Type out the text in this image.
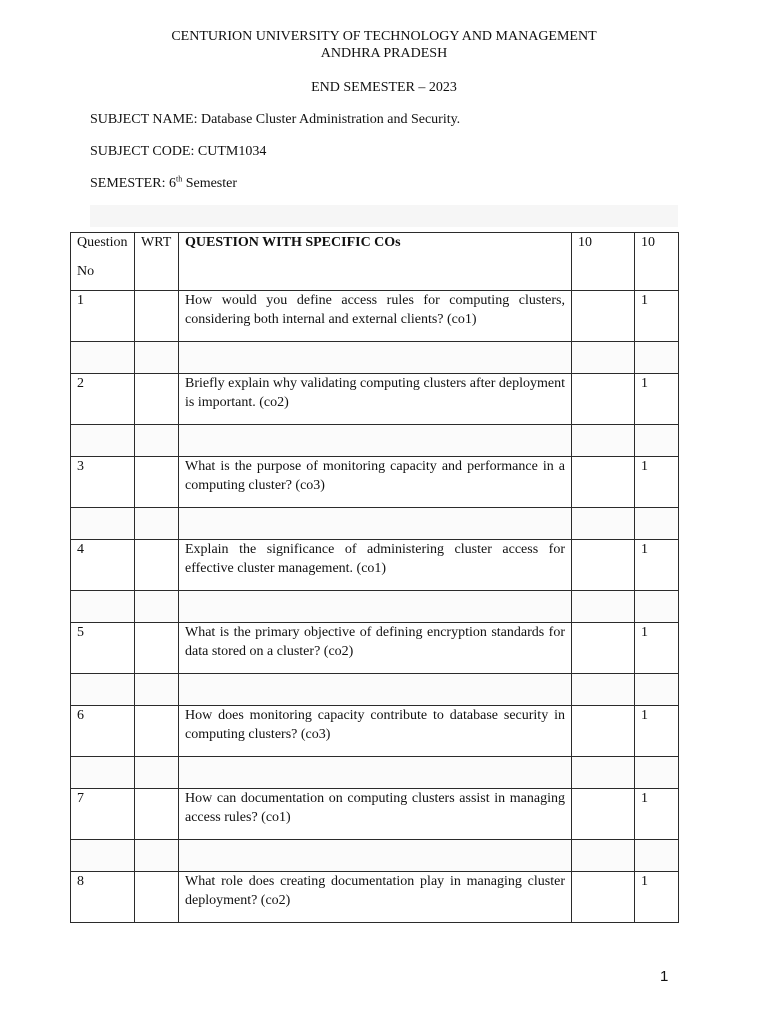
CENTURION UNIVERSITY OF TECHNOLOGY AND MANAGEMENT
ANDHRA PRADESH
END SEMESTER – 2023
SUBJECT NAME: Database Cluster Administration and Security.
SUBJECT CODE: CUTM1034
SEMESTER: 6th Semester
Question
No	WRT	QUESTION WITH SPECIFIC COs	10	10
1		How would you define access rules for computing clusters, considering both internal and external clients? (co1)		1

2		Briefly explain why validating computing clusters after deployment is important. (co2)		1

3		What is the purpose of monitoring capacity and performance in a computing cluster? (co3)		1

4		Explain the significance of administering cluster access for effective cluster management. (co1)		1

5		What is the primary objective of defining encryption standards for data stored on a cluster? (co2)		1

6		How does monitoring capacity contribute to database security in computing clusters? (co3)		1

7		How can documentation on computing clusters assist in managing access rules? (co1)		1

8		What role does creating documentation play in managing cluster deployment? (co2)		1
1
